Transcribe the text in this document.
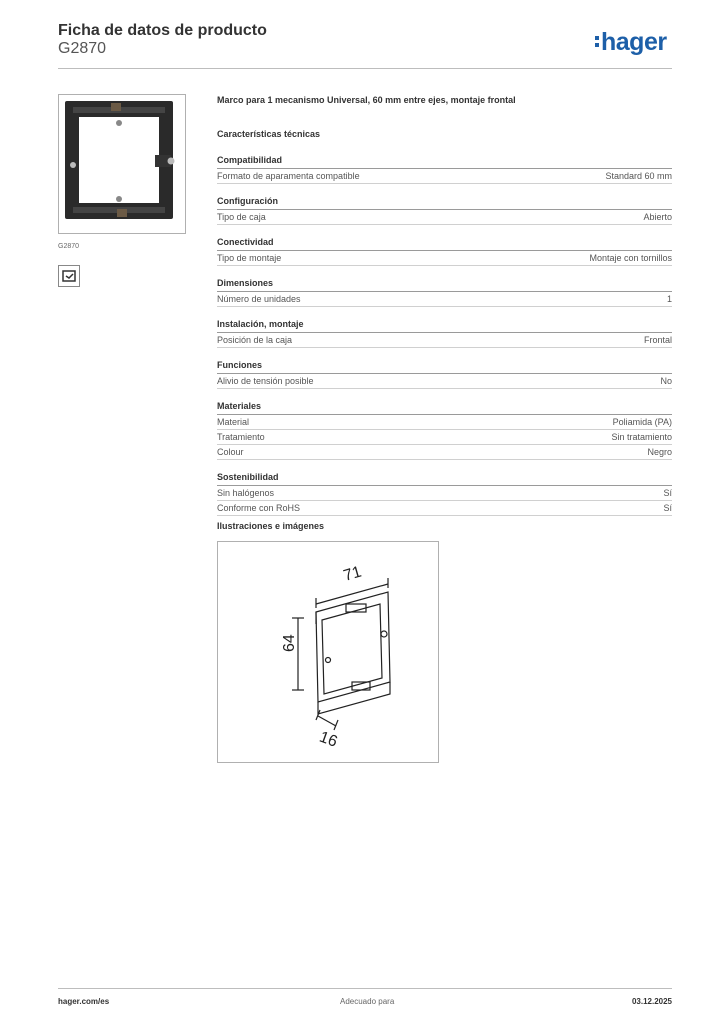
Ficha de datos de producto
G2870	hager
G2870
Marco para 1 mecanismo Universal, 60 mm entre ejes, montaje frontal
Características técnicas
Compatibilidad
Formato de aparamenta compatible	Standard 60 mm
Configuración
Tipo de caja	Abierto
Conectividad
Tipo de montaje	Montaje con tornillos
Dimensiones
Número de unidades	1
Instalación, montaje
Posición de la caja	Frontal
Funciones
Alivio de tensión posible	No
Materiales
Material	Poliamida (PA)
Tratamiento	Sin tratamiento
Colour	Negro
Sostenibilidad
Sin halógenos	Sí
Conforme con RoHS	Sí
Ilustraciones e imágenes
71
64
16
hager.com/es	Adecuado para	03.12.2025
